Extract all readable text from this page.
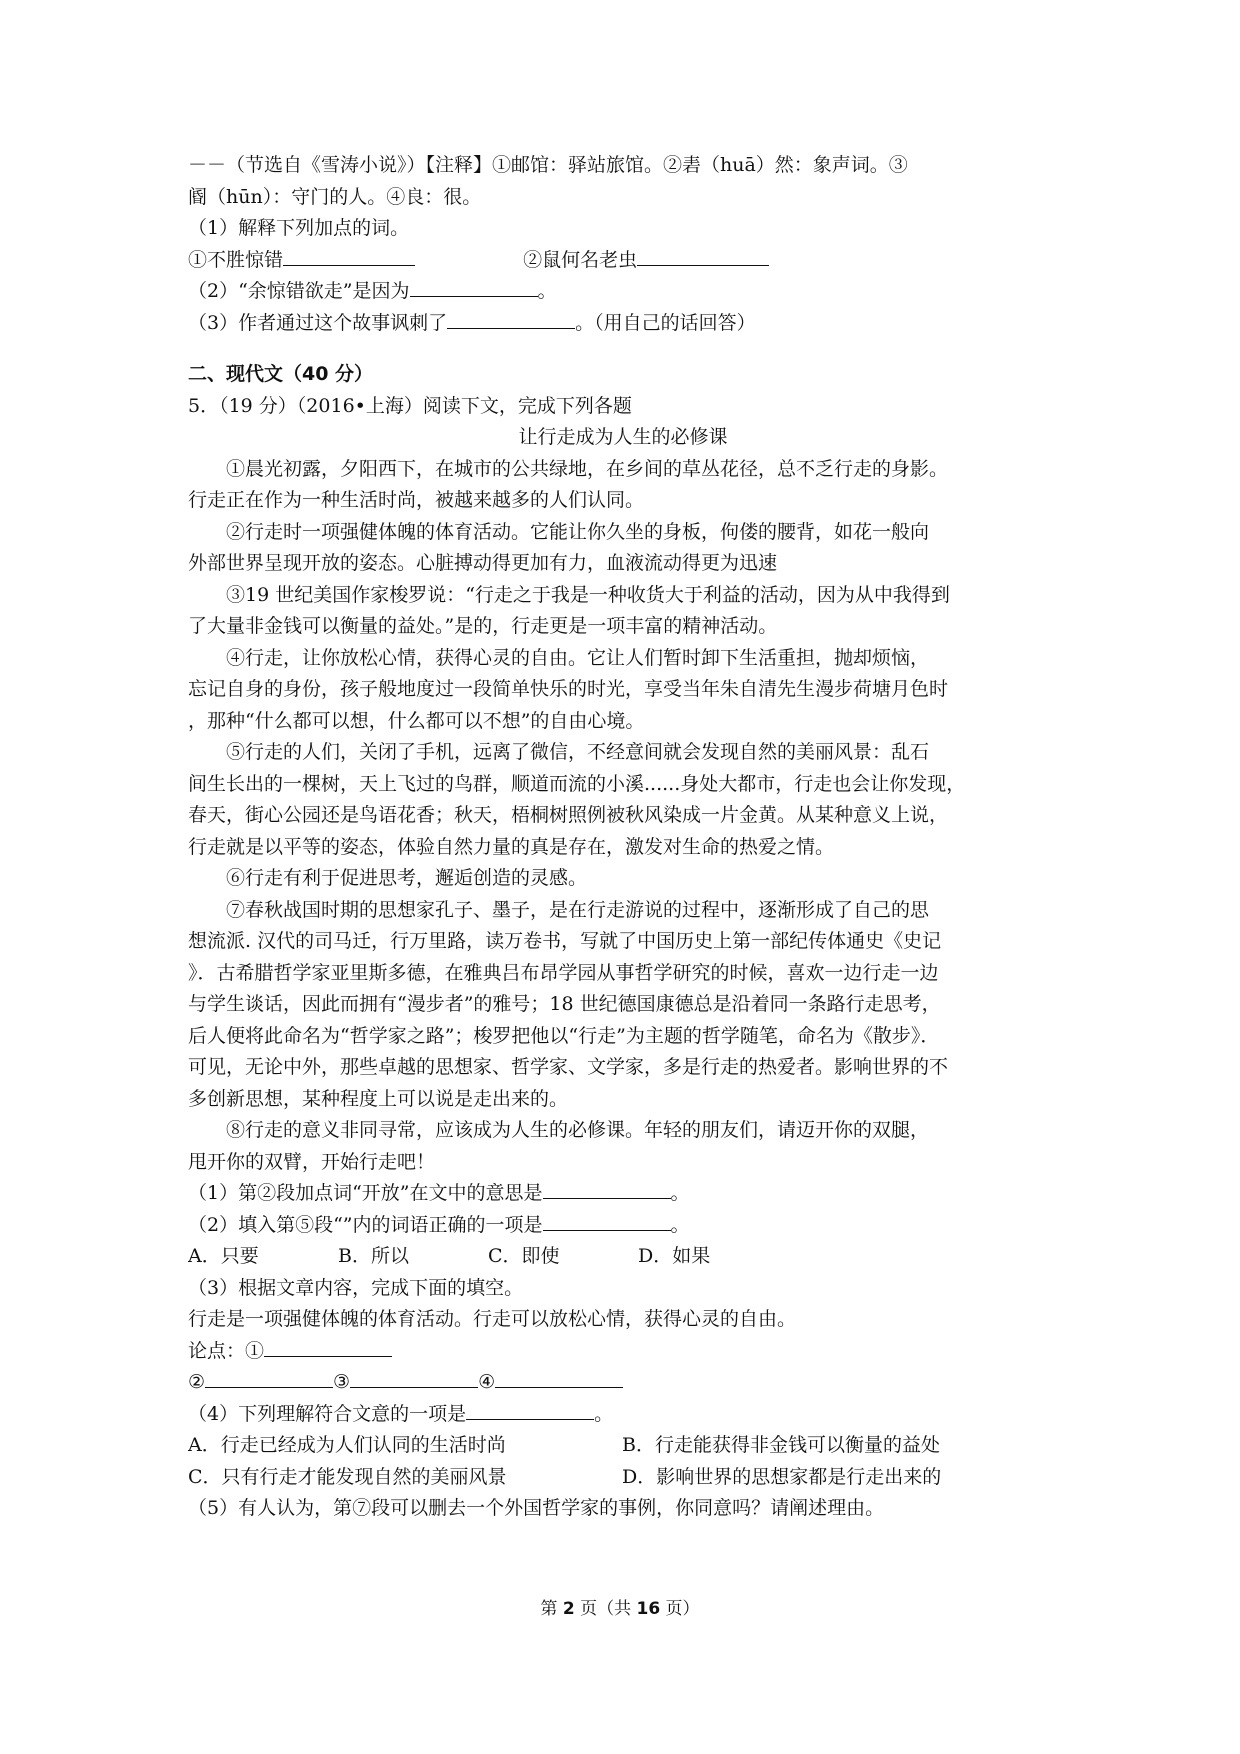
－－（节选自《雪涛小说》）【注释】①邮馆：驿站旅馆。②砉（huā）然：象声词。③
阍（hūn）：守门的人。④良：很。
（1）解释下列加点的词。
①不胜惊错	②鼠何名老虫
（2）“余惊错欲走”是因为	。
（3）作者通过这个故事讽刺了	。（用自己的话回答）
二、现代文（40 分）
5．（19 分）（2016•上海）阅读下文，完成下列各题
让行走成为人生的必修课
①晨光初露，夕阳西下，在城市的公共绿地，在乡间的草丛花径，总不乏行走的身影。
行走正在作为一种生活时尚，被越来越多的人们认同。
②行走时一项强健体魄的体育活动。它能让你久坐的身板，佝偻的腰背，如花一般向
外部世界呈现开放的姿态。心脏搏动得更加有力，血液流动得更为迅速
③19 世纪美国作家梭罗说：“行走之于我是一种收货大于利益的活动，因为从中我得到
了大量非金钱可以衡量的益处。”是的，行走更是一项丰富的精神活动。
④行走，让你放松心情，获得心灵的自由。它让人们暂时卸下生活重担，抛却烦恼，
忘记自身的身份，孩子般地度过一段简单快乐的时光，享受当年朱自清先生漫步荷塘月色时
，那种“什么都可以想，什么都可以不想”的自由心境。
⑤行走的人们，关闭了手机，远离了微信，不经意间就会发现自然的美丽风景：乱石
间生长出的一棵树，天上飞过的鸟群，顺道而流的小溪......身处大都市，行走也会让你发现，
春天，街心公园还是鸟语花香；秋天，梧桐树照例被秋风染成一片金黄。从某种意义上说，
行走就是以平等的姿态，体验自然力量的真是存在，激发对生命的热爱之情。
⑥行走有利于促进思考，邂逅创造的灵感。
⑦春秋战国时期的思想家孔子、墨子，是在行走游说的过程中，逐渐形成了自己的思
想流派. 汉代的司马迁，行万里路，读万卷书，写就了中国历史上第一部纪传体通史《史记
》．古希腊哲学家亚里斯多德，在雅典吕布昂学园从事哲学研究的时候，喜欢一边行走一边
与学生谈话，因此而拥有“漫步者”的雅号；18 世纪德国康德总是沿着同一条路行走思考，
后人便将此命名为“哲学家之路”；梭罗把他以“行走”为主题的哲学随笔，命名为《散步》．
可见，无论中外，那些卓越的思想家、哲学家、文学家，多是行走的热爱者。影响世界的不
多创新思想，某种程度上可以说是走出来的。
⑧行走的意义非同寻常，应该成为人生的必修课。年轻的朋友们，请迈开你的双腿，
甩开你的双臂，开始行走吧！
（1）第②段加点词“开放”在文中的意思是	。
（2）填入第⑤段“”内的词语正确的一项是	。
A．只要	B．所以	C．即使	D．如果
（3）根据文章内容，完成下面的填空。
行走是一项强健体魄的体育活动。行走可以放松心情，获得心灵的自由。
论点：①
②	③	④
（4）下列理解符合文意的一项是	。
A．行走已经成为人们认同的生活时尚	B．行走能获得非金钱可以衡量的益处
C．只有行走才能发现自然的美丽风景	D．影响世界的思想家都是行走出来的
（5）有人认为，第⑦段可以删去一个外国哲学家的事例，你同意吗？请阐述理由。
第 2 页（共 16 页）
